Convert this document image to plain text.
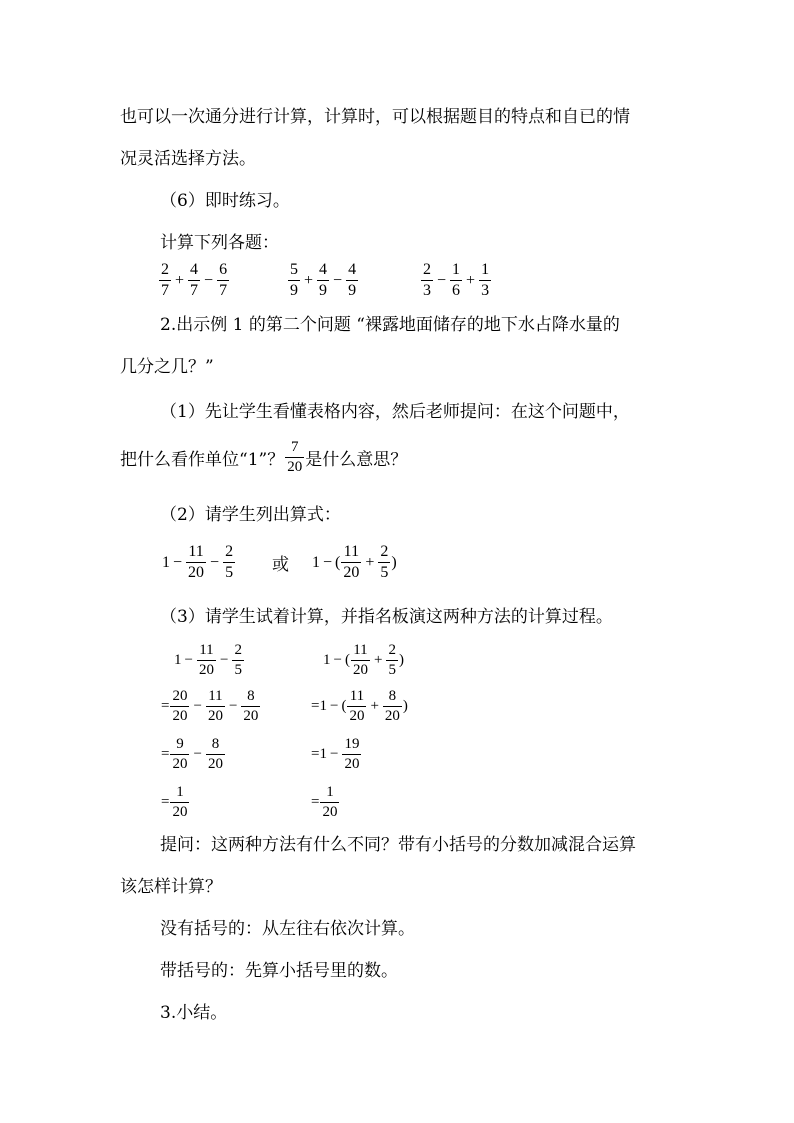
也可以一次通分进行计算，计算时，可以根据题目的特点和自已的情
况灵活选择方法。
（6）即时练习。
计算下列各题：
$\frac{2}{7} + \frac{4}{7} - \frac{6}{7}$	$\frac{5}{9} + \frac{4}{9} - \frac{4}{9}$	$\frac{2}{3} - \frac{1}{6} + \frac{1}{3}$
2.出示例 1 的第二个问题 “裸露地面储存的地下水占降水量的
几分之几？”
（1）先让学生看懂表格内容，然后老师提问：在这个问题中，
把什么看作单位“1”？ $\frac{7}{20}$ 是什么意思？
（2）请学生列出算式：
$1 - \frac{11}{20} - \frac{2}{5}$ 或 1 − ( $\frac{11}{20} + \frac{2}{5}$ )
（3）请学生试着计算，并指名板演这两种方法的计算过程。
$1 - \frac{11}{20} - \frac{2}{5}$
= $\frac{20}{20} - \frac{11}{20} - \frac{8}{20}$
= $\frac{9}{20} - \frac{8}{20}$
= $\frac{1}{20}$
1 − ( $\frac{11}{20} + \frac{2}{5}$ )
= 1 − ( $\frac{11}{20} + \frac{8}{20}$ )
= $1 - \frac{19}{20}$
= $\frac{1}{20}$
提问：这两种方法有什么不同？带有小括号的分数加减混合运算
该怎样计算？
没有括号的：从左往右依次计算。
带括号的：先算小括号里的数。
3.小结。
